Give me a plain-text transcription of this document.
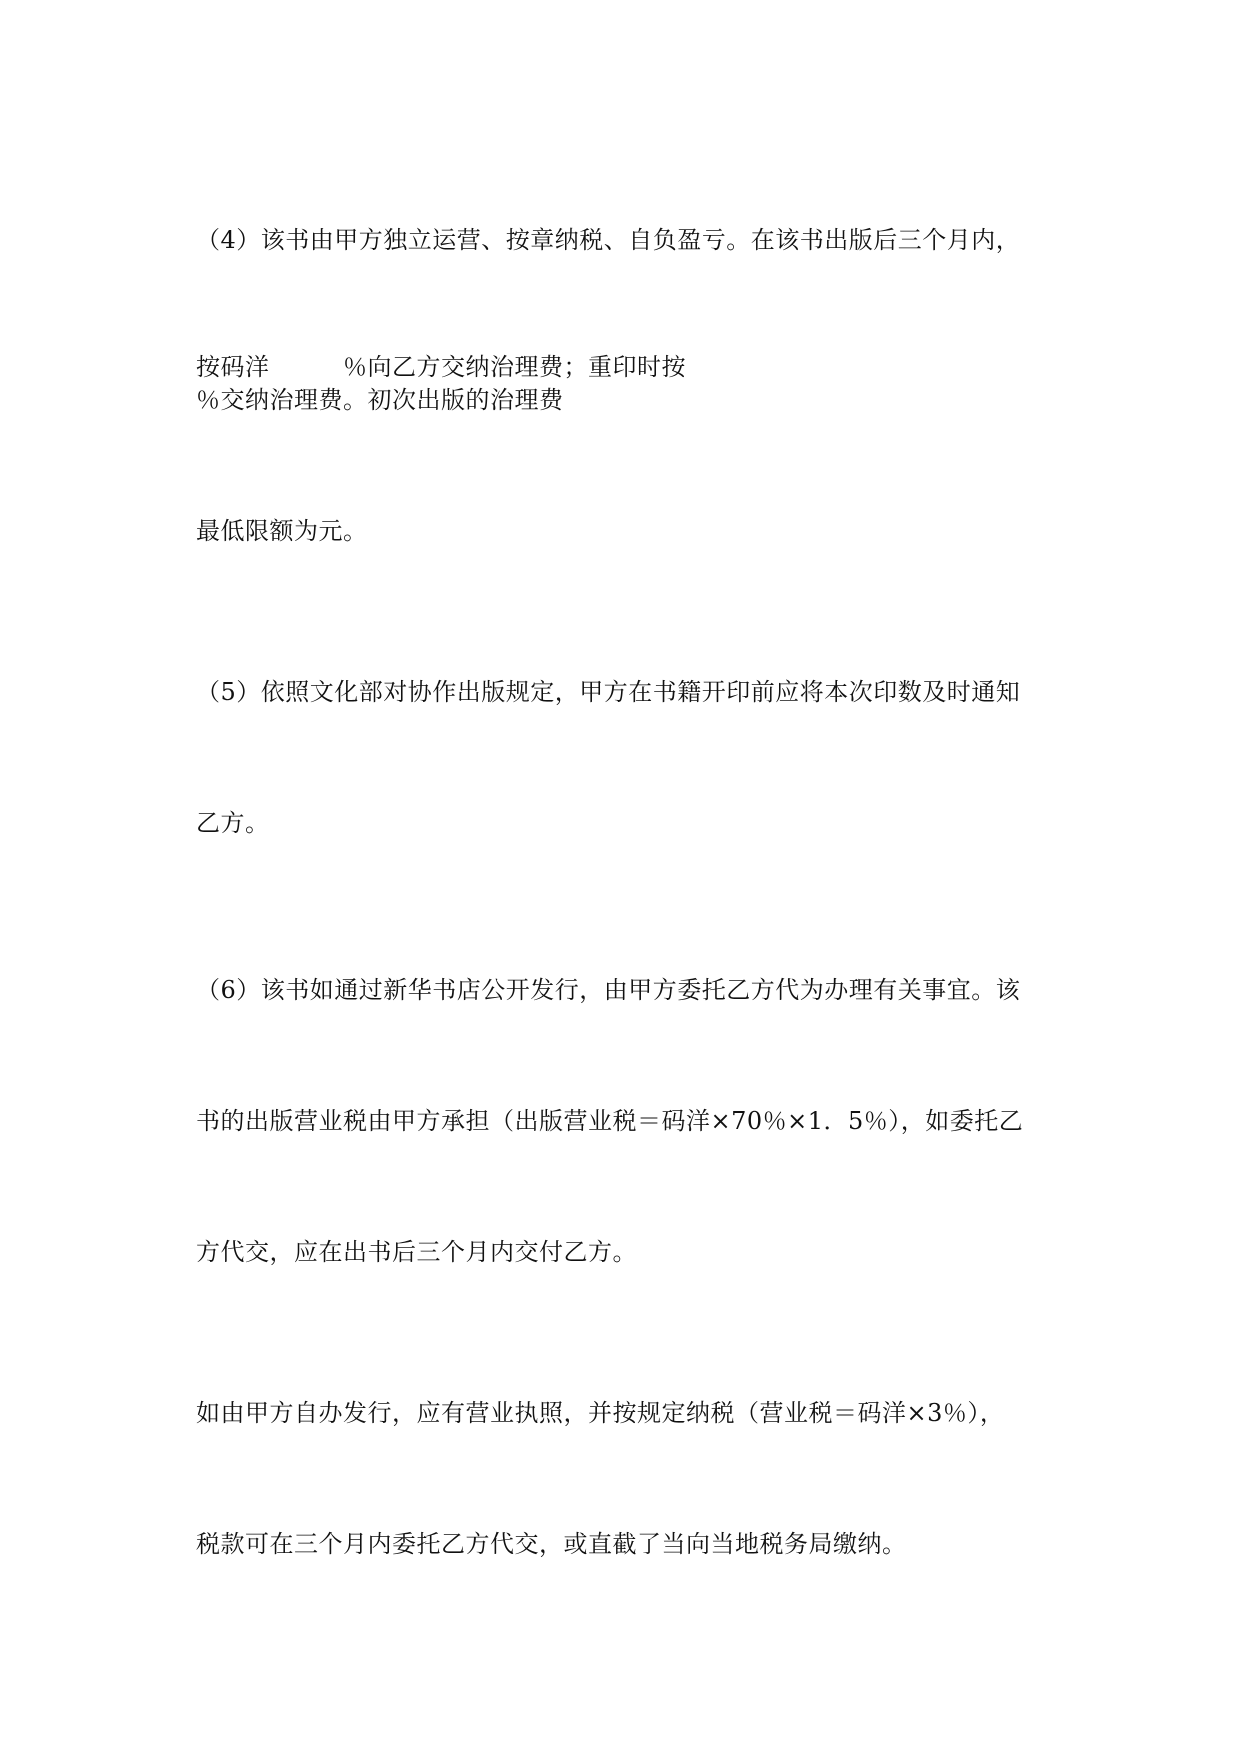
（4）该书由甲方独立运营、按章纳税、自负盈亏。在该书出版后三个月内，
按码洋　　　％向乙方交纳治理费；重印时按
％交纳治理费。初次出版的治理费
最低限额为元。
（5）依照文化部对协作出版规定，甲方在书籍开印前应将本次印数及时通知
乙方。
（6）该书如通过新华书店公开发行，由甲方委托乙方代为办理有关事宜。该
书的出版营业税由甲方承担（出版营业税＝码洋×70％×1．5％），如委托乙
方代交，应在出书后三个月内交付乙方。
如由甲方自办发行，应有营业执照，并按规定纳税（营业税＝码洋×3％），
税款可在三个月内委托乙方代交，或直截了当向当地税务局缴纳。
